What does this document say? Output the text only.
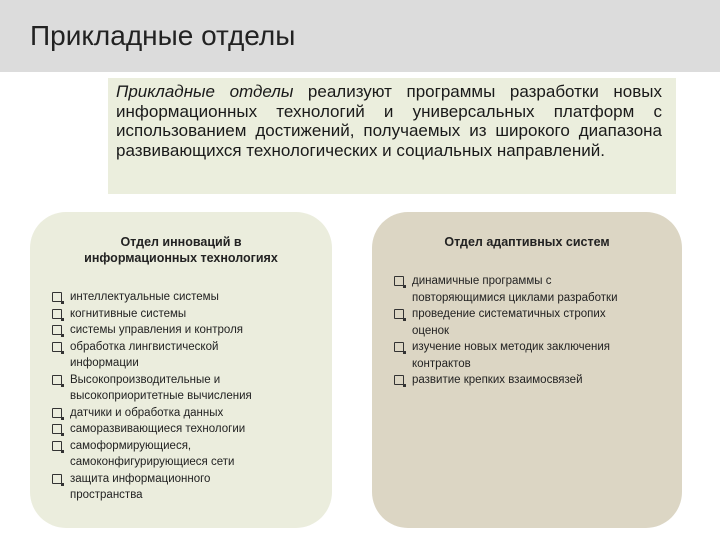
Прикладные отделы
Прикладные отделы реализуют программы разработки новых информационных технологий и универсальных платформ с использованием достижений, получаемых из широкого диапазона развивающихся технологических и социальных направлений.
Отдел инноваций в
информационных технологиях
интеллектуальные системы
когнитивные системы
системы управления и контроля
обработка лингвистической
информации
Высокопроизводительные и
высокоприоритетные вычисления
датчики и обработка данных
саморазвивающиеся технологии
самоформирующиеся,
самоконфигурирующиеся сети
защита информационного
пространства
Отдел адаптивных систем
динамичные программы с
повторяющимися циклами разработки
проведение систематичных стропих
оценок
изучение новых методик заключения
контрактов
развитие крепких взаимосвязей
